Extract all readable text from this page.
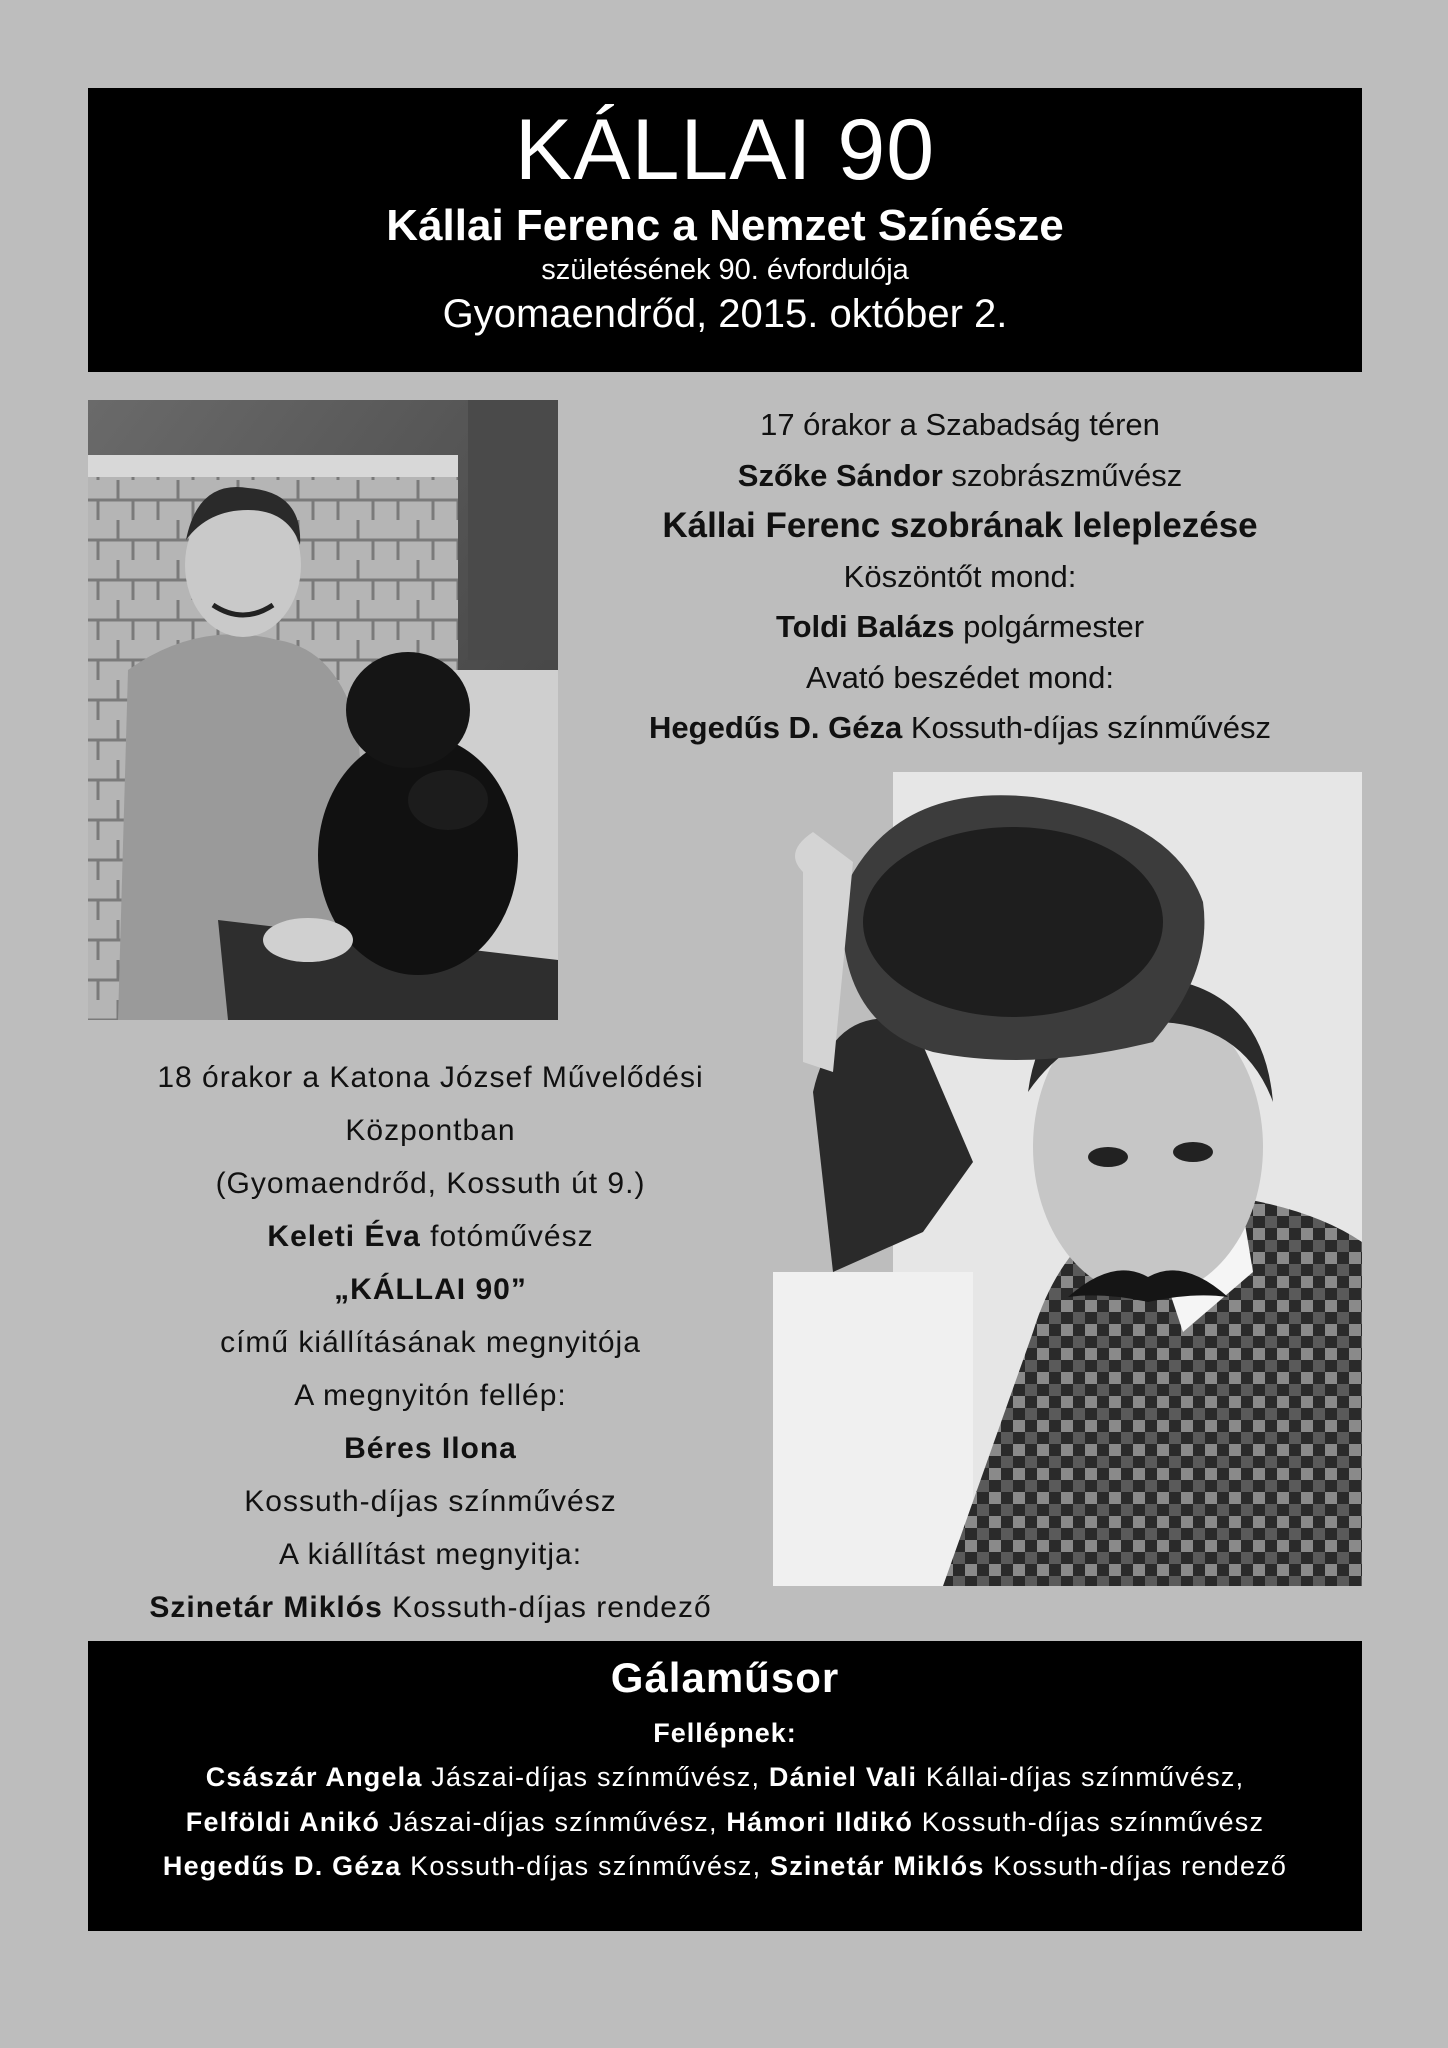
KÁLLAI 90
Kállai Ferenc a Nemzet Színésze
születésének 90. évfordulója
Gyomaendrőd, 2015. október 2.
17 órakor a Szabadság téren
Szőke Sándor szobrászművész
Kállai Ferenc szobrának leleplezése
Köszöntőt mond:
Toldi Balázs polgármester
Avató beszédet mond:
Hegedűs D. Géza Kossuth-díjas színművész
18 órakor a Katona József Művelődési
Központban
(Gyomaendrőd, Kossuth út 9.)
Keleti Éva fotóművész
„KÁLLAI 90”
című kiállításának megnyitója
A megnyitón fellép:
Béres Ilona
Kossuth-díjas színművész
A kiállítást megnyitja:
Szinetár Miklós Kossuth-díjas rendező
Gálaműsor
Fellépnek:
Császár Angela Jászai-díjas színművész, Dániel Vali Kállai-díjas színművész,
Felföldi Anikó Jászai-díjas színművész, Hámori Ildikó Kossuth-díjas színművész
Hegedűs D. Géza Kossuth-díjas színművész, Szinetár Miklós Kossuth-díjas rendező
